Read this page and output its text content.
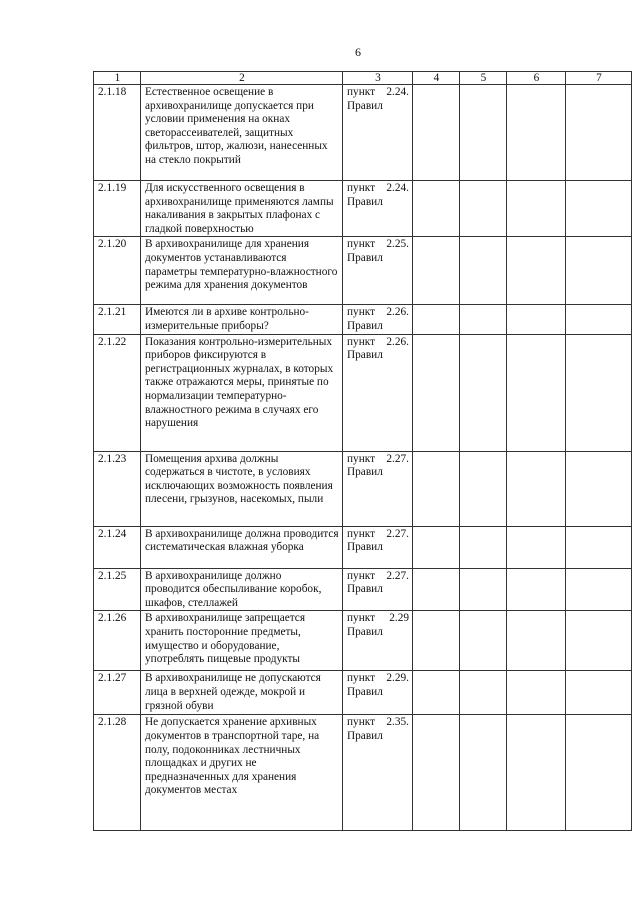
6
1	2	3	4	5	6	7
2.1.18	Естественное освещение в архивохранилище допускается при условии применения на окнах светорассеивателей, защитных фильтров, штор, жалюзи, нанесенных на стекло покрытий	пункт 2.24.
Правил				

2.1.19	Для искусственного освещения в архивохранилище применяются лампы накаливания в закрытых плафонах с гладкой поверхностью	пункт 2.24.
Правил				

2.1.20	В архивохранилище для хранения документов устанавливаются параметры температурно-влажностного режима для хранения документов	пункт 2.25.
Правил				

2.1.21	Имеются ли в архиве контрольно-измерительные приборы?	пункт 2.26.
Правил				

2.1.22	Показания контрольно-измерительных приборов фиксируются в регистрационных журналах, в которых также отражаются меры, принятые по нормализации температурно-влажностного режима в случаях его нарушения	пункт 2.26.
Правил				

2.1.23	Помещения архива должны содержаться в чистоте, в условиях исключающих возможность появления плесени, грызунов, насекомых, пыли	пункт 2.27.
Правил				

2.1.24	В архивохранилище должна проводится систематическая влажная уборка	пункт 2.27.
Правил				

2.1.25	В архивохранилище должно проводится обеспыливание коробок, шкафов, стеллажей	пункт 2.27.
Правил				

2.1.26	В архивохранилище запрещается хранить посторонние предметы, имущество и оборудование, употреблять пищевые продукты	пункт 2.29
Правил				

2.1.27	В архивохранилище не допускаются лица в верхней одежде, мокрой и грязной обуви	пункт 2.29.
Правил				

2.1.28	Не допускается хранение архивных документов в транспортной таре, на полу, подоконниках лестничных площадках и других не предназначенных для хранения документов местах	пункт 2.35.
Правил				
